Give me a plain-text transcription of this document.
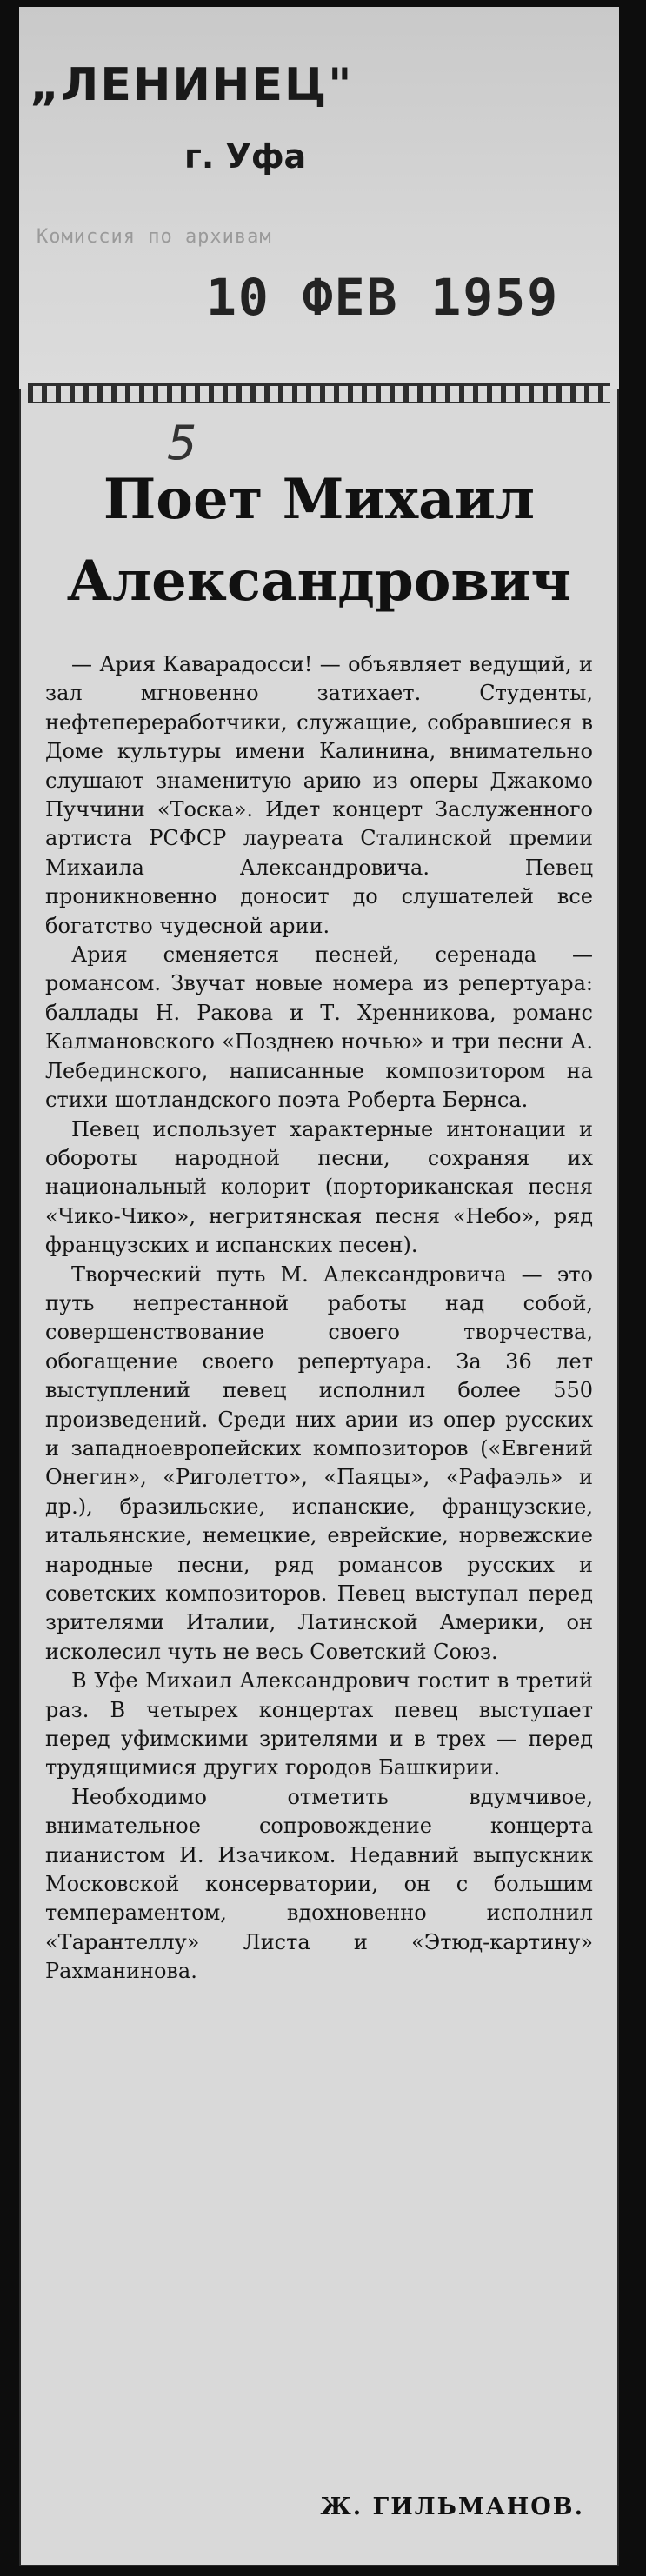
„ЛЕНИНЕЦ"
г. Уфа
Комиссия по архивам
10 ФЕВ 1959
5
Поет Михаил Александрович

— Ария Каварадосси! — объявляет ведущий, и зал мгновенно затихает. Студенты, нефтепереработчики, служащие, собравшиеся в Доме культуры имени Калинина, внимательно слушают знаменитую арию из оперы Джакомо Пуччини «Тоска». Идет концерт Заслуженного артиста РСФСР лауреата Сталинской премии Михаила Александровича. Певец проникновенно доносит до слушателей все богатство чудесной арии.

Ария сменяется песней, серенада — романсом. Звучат новые номера из репертуара: баллады Н. Ракова и Т. Хренникова, романс Калмановского «Позднею ночью» и три песни А. Лебединского, написанные композитором на стихи шотландского поэта Роберта Бернса.

Певец использует характерные интонации и обороты народной песни, сохраняя их национальный колорит (порториканская песня «Чико-Чико», негритянская песня «Небо», ряд французских и испанских песен).

Творческий путь М. Александровича — это путь непрестанной работы над собой, совершенствование своего творчества, обогащение своего репертуара. За 36 лет выступлений певец исполнил более 550 произведений. Среди них арии из опер русских и западноевропейских композиторов («Евгений Онегин», «Риголетто», «Паяцы», «Рафаэль» и др.), бразильские, испанские, французские, итальянские, немецкие, еврейские, норвежские народные песни, ряд романсов русских и советских композиторов. Певец выступал перед зрителями Италии, Латинской Америки, он исколесил чуть не весь Советский Союз.

В Уфе Михаил Александрович гостит в третий раз. В четырех концертах певец выступает перед уфимскими зрителями и в трех — перед трудящимися других городов Башкирии.

Необходимо отметить вдумчивое, внимательное сопровождение концерта пианистом И. Изачиком. Недавний выпускник Московской консерватории, он с большим темпераментом, вдохновенно исполнил «Тарантеллу» Листа и «Этюд-картину» Рахманинова.

Ж. ГИЛЬМАНОВ.
